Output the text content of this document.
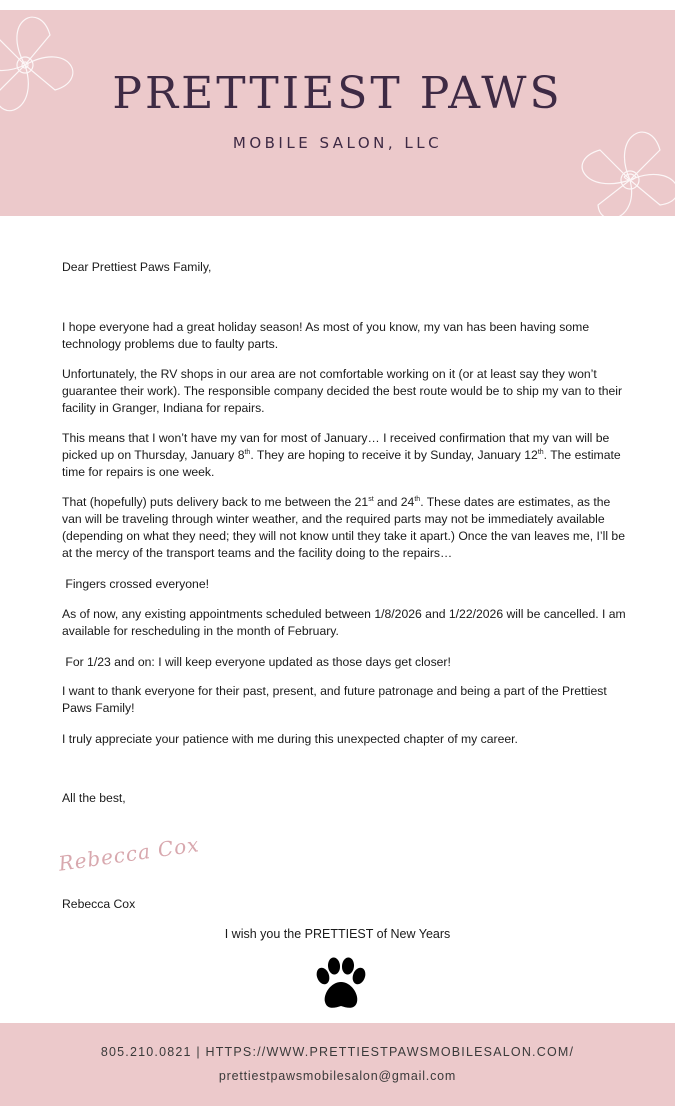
PRETTIEST PAWS
MOBILE SALON, LLC

Dear Prettiest Paws Family,

I hope everyone had a great holiday season! As most of you know, my van has been having some technology problems due to faulty parts.

Unfortunately, the RV shops in our area are not comfortable working on it (or at least say they won’t guarantee their work). The responsible company decided the best route would be to ship my van to their facility in Granger, Indiana for repairs.

This means that I won’t have my van for most of January… I received confirmation that my van will be picked up on Thursday, January 8th. They are hoping to receive it by Sunday, January 12th. The estimate time for repairs is one week.

That (hopefully) puts delivery back to me between the 21st and 24th. These dates are estimates, as the van will be traveling through winter weather, and the required parts may not be immediately available (depending on what they need; they will not know until they take it apart.) Once the van leaves me, I’ll be at the mercy of the transport teams and the facility doing to the repairs…

Fingers crossed everyone!

As of now, any existing appointments scheduled between 1/8/2026 and 1/22/2026 will be cancelled. I am available for rescheduling in the month of February.

For 1/23 and on: I will keep everyone updated as those days get closer!

I want to thank everyone for their past, present, and future patronage and being a part of the Prettiest Paws Family!

I truly appreciate your patience with me during this unexpected chapter of my career.

All the best,

Rebecca Cox

Rebecca Cox

I wish you the PRETTIEST of New Years
805.210.0821 | HTTPS://WWW.PRETTIESTPAWSMOBILESALON.COM/
prettiestpawsmobilesalon@gmail.com
